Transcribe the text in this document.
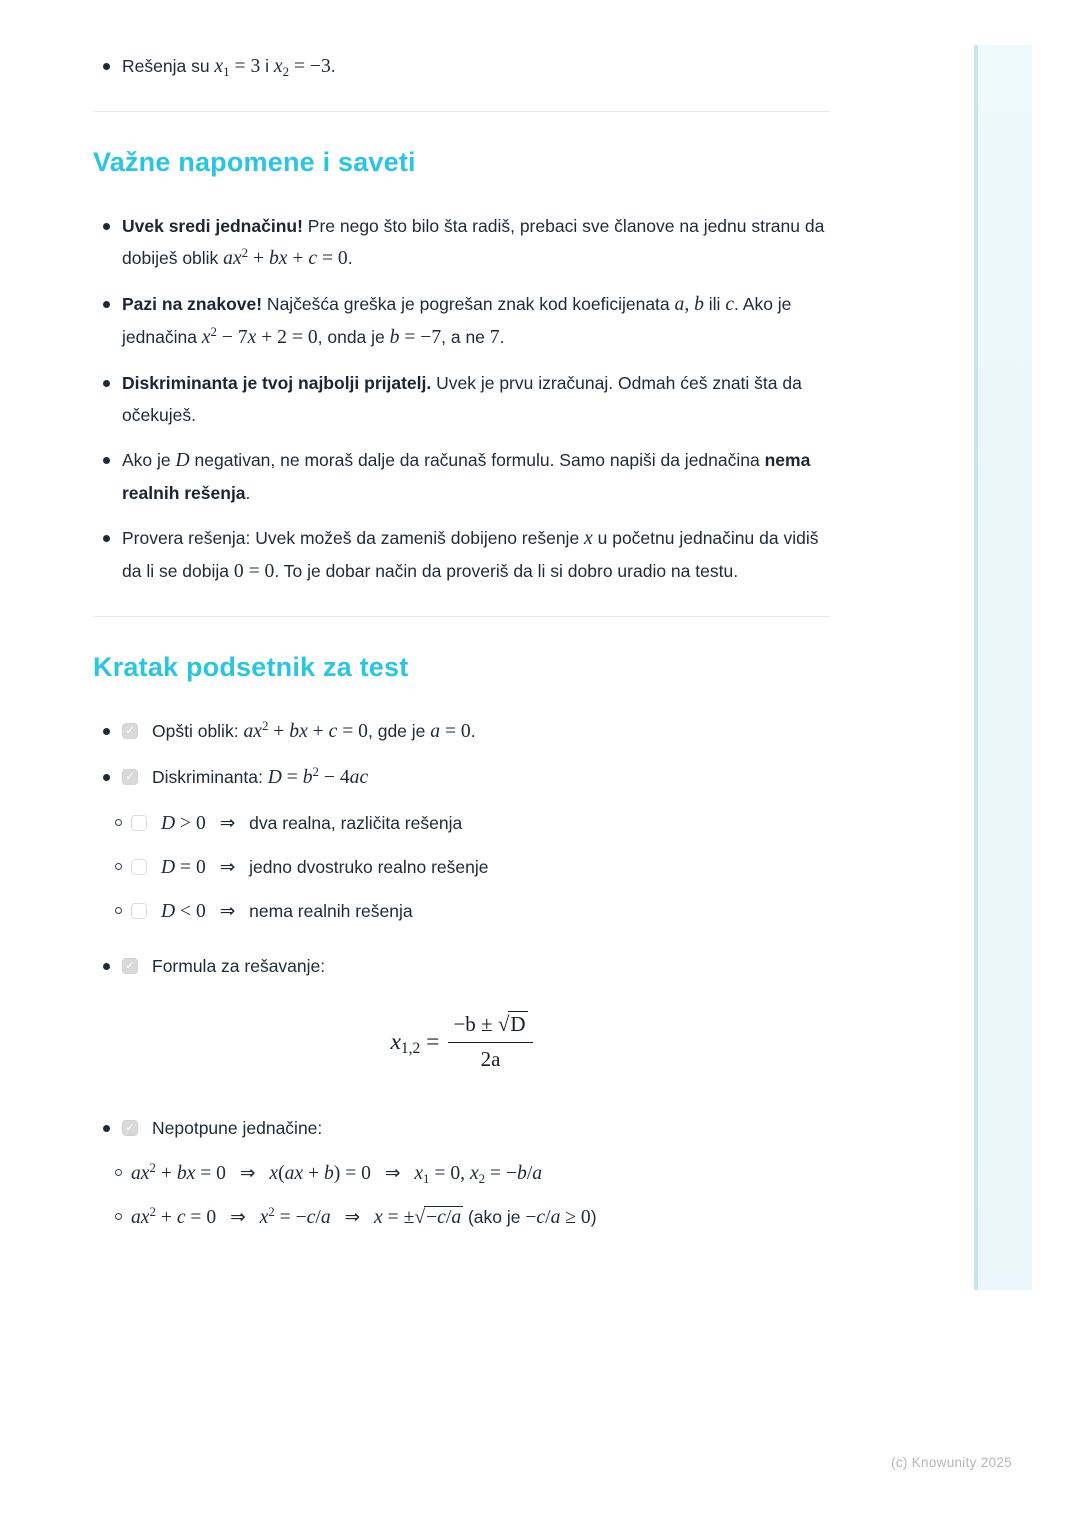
Rešenja su $x_1 = 3$ i $x_2 = -3$.
Važne napomene i saveti
Uvek sredi jednačinu! Pre nego što bilo šta radiš, prebaci sve članove na jednu stranu da dobiješ oblik $ax^2$ + bx + c = 0.
Pazi na znakove! Najčešća greška je pogrešan znak kod koeficijenata a, b ili c. Ako je jednačina $x^2 - 7x + 2 = 0$, onda je b = −7, a ne 7.
Diskriminanta je tvoj najbolji prijatelj. Uvek je prvu izračunaj. Odmah ćeš znati šta da očekuješ.
Ako je D negativan, ne moraš dalje da računaš formulu. Samo napiši da jednačina nema realnih rešenja.
Provera rešenja: Uvek možeš da zameniš dobijeno rešenje x u početnu jednačinu da vidiš da li se dobija 0 = 0. To je dobar način da proveriš da li si dobro uradio na testu.
Kratak podsetnik za test
✓ Opšti oblik: $ax^2$ + bx + c = 0, gde je a = 0.
✓ Diskriminanta: $D = b^2 - 4ac$
D > 0 ⇒ dva realna, različita rešenja
D = 0 ⇒ jedno dvostruko realno rešenje
D < 0 ⇒ nema realnih rešenja
✓ Formula za rešavanje:
$x_{1,2} = \frac{-b \pm √D}{2a}$
✓ Nepotpune jednačine:
$ax^2$ + bx = 0 ⇒ x(ax + b) = 0 ⇒ $x_1 = 0$, $x_2 = -b/a$
$ax^2 + c = 0$ ⇒ $x^2 = -c/a$ ⇒ x = ±√−c/a (ako je −c/a ≥ 0)
(c) Knowunity 2025
